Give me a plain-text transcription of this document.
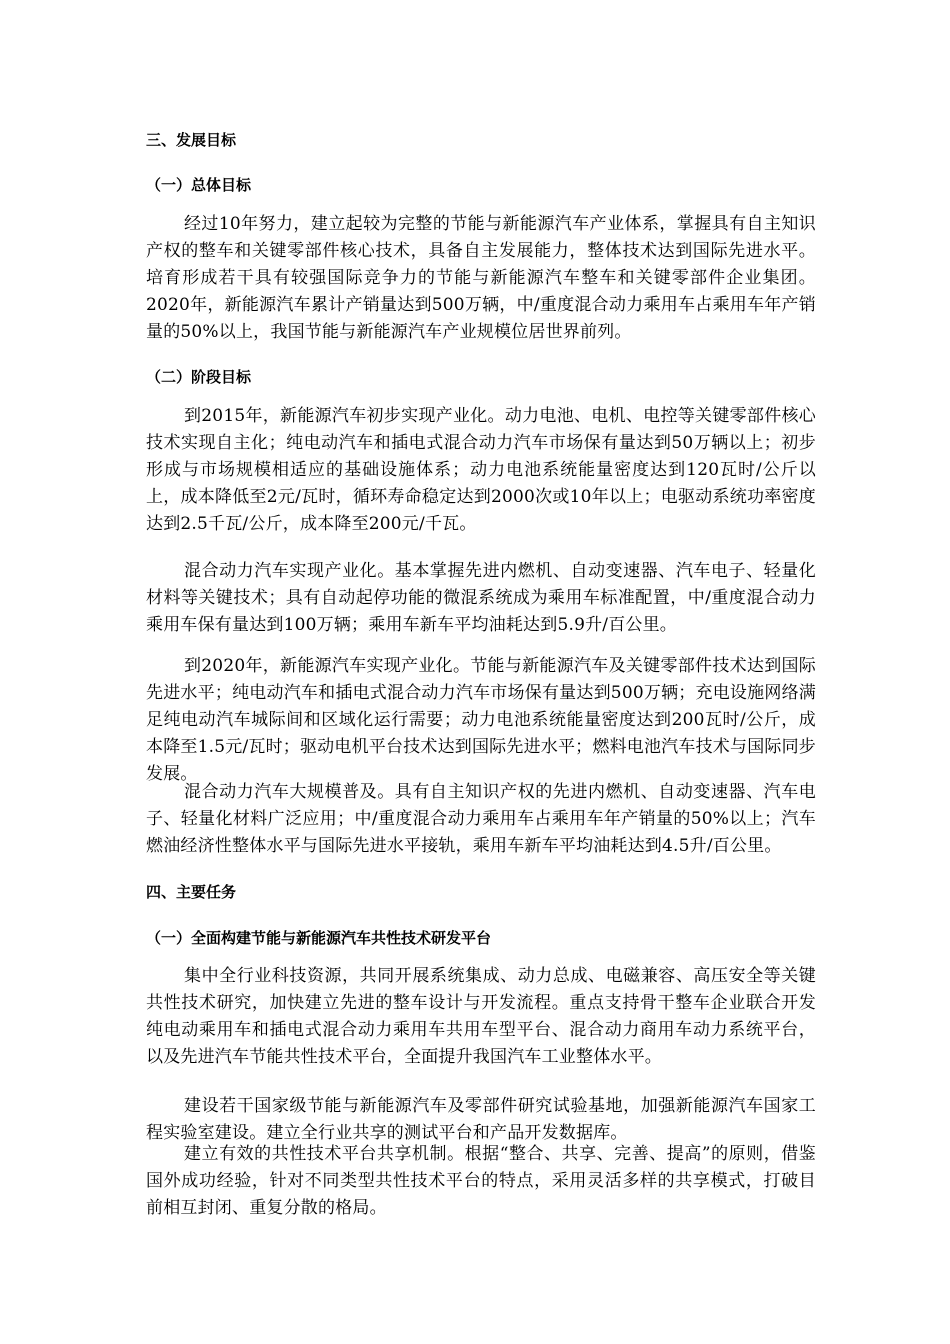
三、发展目标
（一）总体目标
经过10年努力，建立起较为完整的节能与新能源汽车产业体系，掌握具有自主知识产权的整车和关键零部件核心技术，具备自主发展能力，整体技术达到国际先进水平。培育形成若干具有较强国际竞争力的节能与新能源汽车整车和关键零部件企业集团。2020年，新能源汽车累计产销量达到500万辆，中/重度混合动力乘用车占乘用车年产销量的50%以上，我国节能与新能源汽车产业规模位居世界前列。
（二）阶段目标
到2015年，新能源汽车初步实现产业化。动力电池、电机、电控等关键零部件核心技术实现自主化；纯电动汽车和插电式混合动力汽车市场保有量达到50万辆以上；初步形成与市场规模相适应的基础设施体系；动力电池系统能量密度达到120瓦时/公斤以上，成本降低至2元/瓦时，循环寿命稳定达到2000次或10年以上；电驱动系统功率密度达到2.5千瓦/公斤，成本降至200元/千瓦。
混合动力汽车实现产业化。基本掌握先进内燃机、自动变速器、汽车电子、轻量化材料等关键技术；具有自动起停功能的微混系统成为乘用车标准配置，中/重度混合动力乘用车保有量达到100万辆；乘用车新车平均油耗达到5.9升/百公里。
到2020年，新能源汽车实现产业化。节能与新能源汽车及关键零部件技术达到国际先进水平；纯电动汽车和插电式混合动力汽车市场保有量达到500万辆；充电设施网络满足纯电动汽车城际间和区域化运行需要；动力电池系统能量密度达到200瓦时/公斤，成本降至1.5元/瓦时；驱动电机平台技术达到国际先进水平；燃料电池汽车技术与国际同步发展。
混合动力汽车大规模普及。具有自主知识产权的先进内燃机、自动变速器、汽车电子、轻量化材料广泛应用；中/重度混合动力乘用车占乘用车年产销量的50%以上；汽车燃油经济性整体水平与国际先进水平接轨，乘用车新车平均油耗达到4.5升/百公里。
四、主要任务
（一）全面构建节能与新能源汽车共性技术研发平台
集中全行业科技资源，共同开展系统集成、动力总成、电磁兼容、高压安全等关键共性技术研究，加快建立先进的整车设计与开发流程。重点支持骨干整车企业联合开发纯电动乘用车和插电式混合动力乘用车共用车型平台、混合动力商用车动力系统平台，以及先进汽车节能共性技术平台，全面提升我国汽车工业整体水平。
建设若干国家级节能与新能源汽车及零部件研究试验基地，加强新能源汽车国家工程实验室建设。建立全行业共享的测试平台和产品开发数据库。
建立有效的共性技术平台共享机制。根据“整合、共享、完善、提高”的原则，借鉴国外成功经验，针对不同类型共性技术平台的特点，采用灵活多样的共享模式，打破目前相互封闭、重复分散的格局。
